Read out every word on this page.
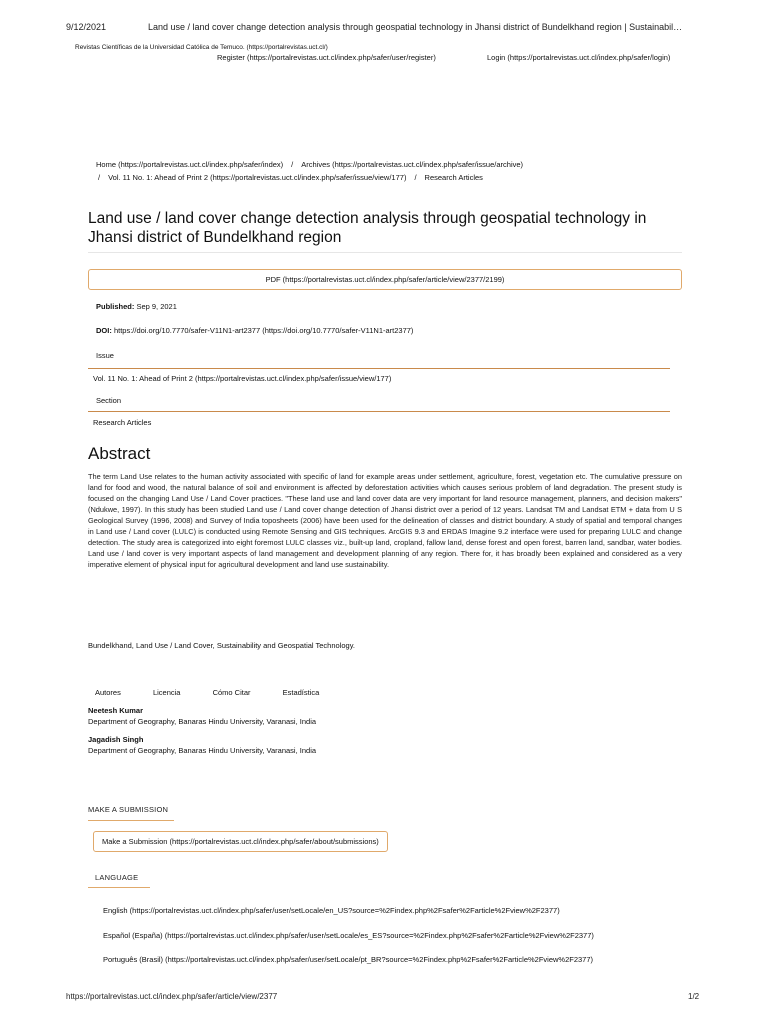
9/12/2021	Land use / land cover change detection analysis through geospatial technology in Jhansi district of Bundelkhand region | Sustainabil…
Revistas Científicas de la Universidad Católica de Temuco. (https://portalrevistas.uct.cl/)
Register (https://portalrevistas.uct.cl/index.php/safer/user/register)	Login (https://portalrevistas.uct.cl/index.php/safer/login)
Home (https://portalrevistas.uct.cl/index.php/safer/index) / Archives (https://portalrevistas.uct.cl/index.php/safer/issue/archive)
/ Vol. 11 No. 1: Ahead of Print 2 (https://portalrevistas.uct.cl/index.php/safer/issue/view/177) / Research Articles
Land use / land cover change detection analysis through geospatial technology in Jhansi district of Bundelkhand region
PDF (https://portalrevistas.uct.cl/index.php/safer/article/view/2377/2199)
Published: Sep 9, 2021
DOI: https://doi.org/10.7770/safer-V11N1-art2377 (https://doi.org/10.7770/safer-V11N1-art2377)
Issue
Vol. 11 No. 1: Ahead of Print 2 (https://portalrevistas.uct.cl/index.php/safer/issue/view/177)
Section
Research Articles
Abstract
The term Land Use relates to the human activity associated with specific of land for example areas under settlement, agriculture, forest, vegetation etc. The cumulative pressure on land for food and wood, the natural balance of soil and environment is affected by deforestation activities which causes serious problem of land degradation. The present study is focused on the changing Land Use / Land Cover practices. "These land use and land cover data are very important for land resource management, planners, and decision makers" (Ndukwe, 1997). In this study has been studied Land use / Land cover change detection of Jhansi district over a period of 12 years. Landsat TM and Landsat ETM + data from U S Geological Survey (1996, 2008) and Survey of India toposheets (2006) have been used for the delineation of classes and district boundary. A study of spatial and temporal changes in Land use / Land cover (LULC) is conducted using Remote Sensing and GIS techniques. ArcGIS 9.3 and ERDAS Imagine 9.2 interface were used for preparing LULC and change detection. The study area is categorized into eight foremost LULC classes viz., built-up land, cropland, fallow land, dense forest and open forest, barren land, sandbar, water bodies. Land use / land cover is very important aspects of land management and development planning of any region. There for, it has broadly been explained and considered as a very imperative element of physical input for agricultural development and land use sustainability.
Bundelkhand, Land Use / Land Cover, Sustainability and Geospatial Technology.
Autores	Licencia	Cómo Citar	Estadística
Neetesh Kumar
Department of Geography, Banaras Hindu University, Varanasi, India
Jagadish Singh
Department of Geography, Banaras Hindu University, Varanasi, India
MAKE A SUBMISSION
Make a Submission (https://portalrevistas.uct.cl/index.php/safer/about/submissions)
LANGUAGE
English (https://portalrevistas.uct.cl/index.php/safer/user/setLocale/en_US?source=%2Findex.php%2Fsafer%2Farticle%2Fview%2F2377)
Español (España) (https://portalrevistas.uct.cl/index.php/safer/user/setLocale/es_ES?source=%2Findex.php%2Fsafer%2Farticle%2Fview%2F2377)
Português (Brasil) (https://portalrevistas.uct.cl/index.php/safer/user/setLocale/pt_BR?source=%2Findex.php%2Fsafer%2Farticle%2Fview%2F2377)
https://portalrevistas.uct.cl/index.php/safer/article/view/2377	1/2
